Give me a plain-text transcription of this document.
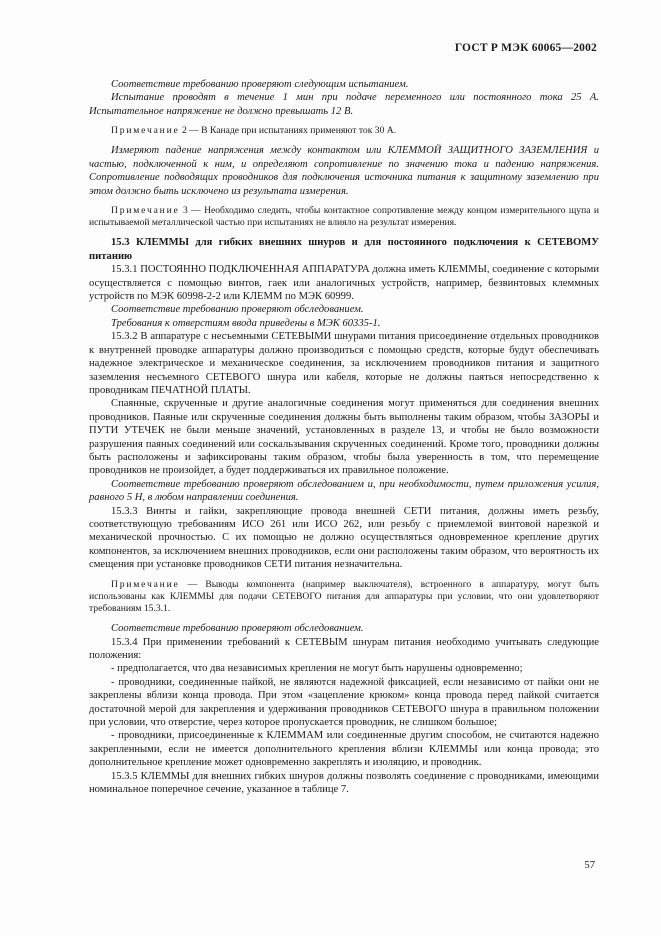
ГОСТ Р МЭК 60065—2002

Соответствие требованию проверяют следующим испытанием.

Испытание проводят в течение 1 мин при подаче переменного или постоянного тока 25 А. Испытательное напряжение не должно превышать 12 В.

Примечание 2 — В Канаде при испытаниях применяют ток 30 А.

Измеряют падение напряжения между контактом или КЛЕММОЙ ЗАЩИТНОГО ЗАЗЕМЛЕНИЯ и частью, подключенной к ним, и определяют сопротивление по значению тока и падению напряжения. Сопротивление подводящих проводников для подключения источника питания к защитному заземлению при этом должно быть исключено из результата измерения.

Примечание 3 — Необходимо следить, чтобы контактное сопротивление между концом измерительного щупа и испытываемой металлической частью при испытаниях не влияло на результат измерения.

15.3 КЛЕММЫ для гибких внешних шнуров и для постоянного подключения к СЕТЕВОМУ питанию

15.3.1 ПОСТОЯННО ПОДКЛЮЧЕННАЯ АППАРАТУРА должна иметь КЛЕММЫ, соединение с которыми осуществляется с помощью винтов, гаек или аналогичных устройств, например, безвинтовых клеммных устройств по МЭК 60998-2-2 или КЛЕММ по МЭК 60999.

Соответствие требованию проверяют обследованием.

Требования к отверстиям ввода приведены в МЭК 60335-1.

15.3.2 В аппаратуре с несъемными СЕТЕВЫМИ шнурами питания присоединение отдельных проводников к внутренней проводке аппаратуры должно производиться с помощью средств, которые будут обеспечивать надежное электрическое и механическое соединения, за исключением проводников питания и защитного заземления несъемного СЕТЕВОГО шнура или кабеля, которые не должны паяться непосредственно к проводникам ПЕЧАТНОЙ ПЛАТЫ.

Спаянные, скрученные и другие аналогичные соединения могут применяться для соединения внешних проводников. Паяные или скрученные соединения должны быть выполнены таким образом, чтобы ЗАЗОРЫ и ПУТИ УТЕЧЕК не были меньше значений, установленных в разделе 13, и чтобы не было возможности разрушения паяных соединений или соскальзывания скрученных соединений. Кроме того, проводники должны быть расположены и зафиксированы таким образом, чтобы была уверенность в том, что перемещение проводников не произойдет, а будет поддерживаться их правильное положение.

Соответствие требованию проверяют обследованием и, при необходимости, путем приложения усилия, равного 5 Н, в любом направлении соединения.

15.3.3 Винты и гайки, закрепляющие провода внешней СЕТИ питания, должны иметь резьбу, соответствующую требованиям ИСО 261 или ИСО 262, или резьбу с приемлемой винтовой нарезкой и механической прочностью. С их помощью не должно осуществляться одновременное крепление других компонентов, за исключением внешних проводников, если они расположены таким образом, что вероятность их смещения при установке проводников СЕТИ питания незначительна.

Примечание — Выводы компонента (например выключателя), встроенного в аппаратуру, могут быть использованы как КЛЕММЫ для подачи СЕТЕВОГО питания для аппаратуры при условии, что они удовлетворяют требованиям 15.3.1.

Соответствие требованию проверяют обследованием.

15.3.4 При применении требований к СЕТЕВЫМ шнурам питания необходимо учитывать следующие положения:

- предполагается, что два независимых крепления не могут быть нарушены одновременно;

- проводники, соединенные пайкой, не являются надежной фиксацией, если независимо от пайки они не закреплены вблизи конца провода. При этом «зацепление крюком» конца провода перед пайкой считается достаточной мерой для закрепления и удерживания проводников СЕТЕВОГО шнура в правильном положении при условии, что отверстие, через которое пропускается проводник, не слишком большое;

- проводники, присоединенные к КЛЕММАМ или соединенные другим способом, не считаются надежно закрепленными, если не имеется дополнительного крепления вблизи КЛЕММЫ или конца провода; это дополнительное крепление может одновременно закреплять и изоляцию, и проводник.

15.3.5 КЛЕММЫ для внешних гибких шнуров должны позволять соединение с проводниками, имеющими номинальное поперечное сечение, указанное в таблице 7.

57
